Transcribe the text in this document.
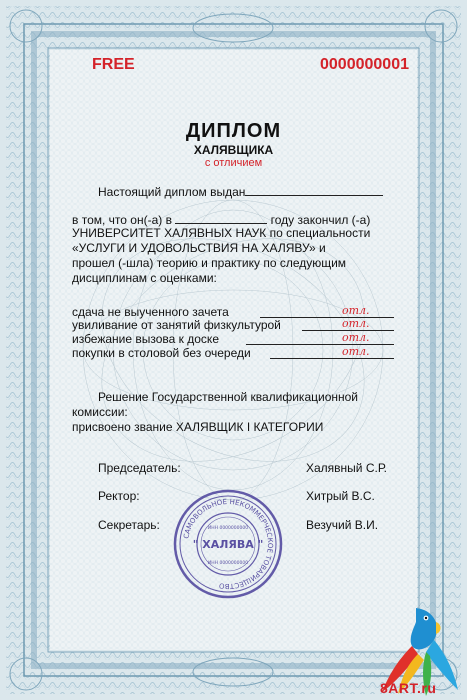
FREE	0000000001
ДИПЛОМ
ХАЛЯВЩИКА
с отличием
Настоящий диплом выдан
в том, что он(-а) в	году закончил (-а)
УНИВЕРСИТЕТ ХАЛЯВНЫХ НАУК по специальности
«УСЛУГИ И УДОВОЛЬСТВИЯ НА ХАЛЯВУ» и
прошел (-шла) теорию и практику по следующим
дисциплинам с оценками:
сдача не выученного зачета	отл.
увиливание от занятий физкультурой	отл.
избежание вызова к доске	отл.
покупки в столовой без очереди	отл.
Решение Государственной квалификационной
комиссии:
присвоено звание ХАЛЯВЩИК I КАТЕГОРИИ
Председатель:	Халявный С.Р.
Ректор:	Хитрый В.С.
Секретарь:	Везучий В.И.
САМОВОЛЬНОЕ НЕКОММЕРЧЕСКОЕ ТОВАРИЩЕСТВО
ИНН 0000000000
" ХАЛЯВА "
ИНН 0000000000
8ART.ru
